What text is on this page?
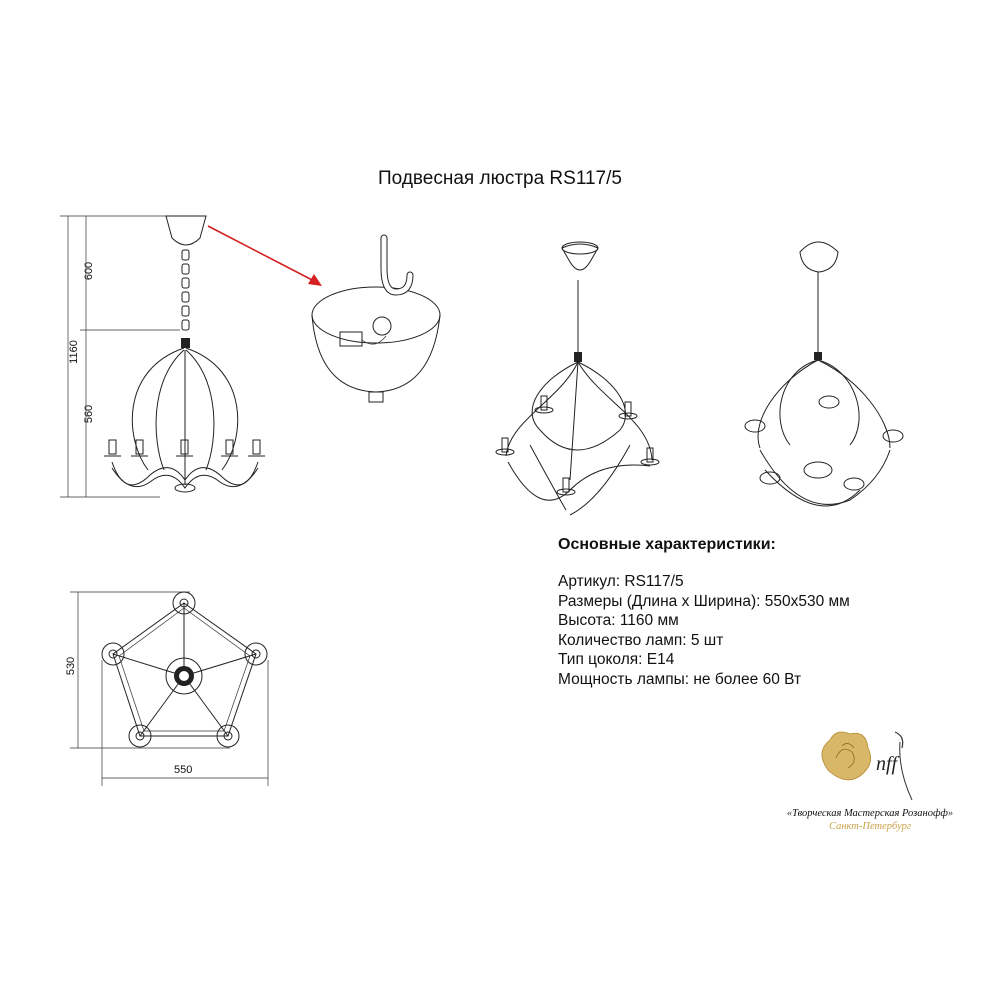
Подвесная люстра RS117/5
1160
600
560
530
550	nff
Основные характеристики:
Артикул: RS117/5
Размеры (Длина х Ширина): 550х530 мм
Высота: 1160 мм
Количество ламп: 5 шт
Тип цоколя: Е14
Мощность лампы: не более 60 Вт
«Творческая Мастерская Розанофф»
Санкт-Петербург
